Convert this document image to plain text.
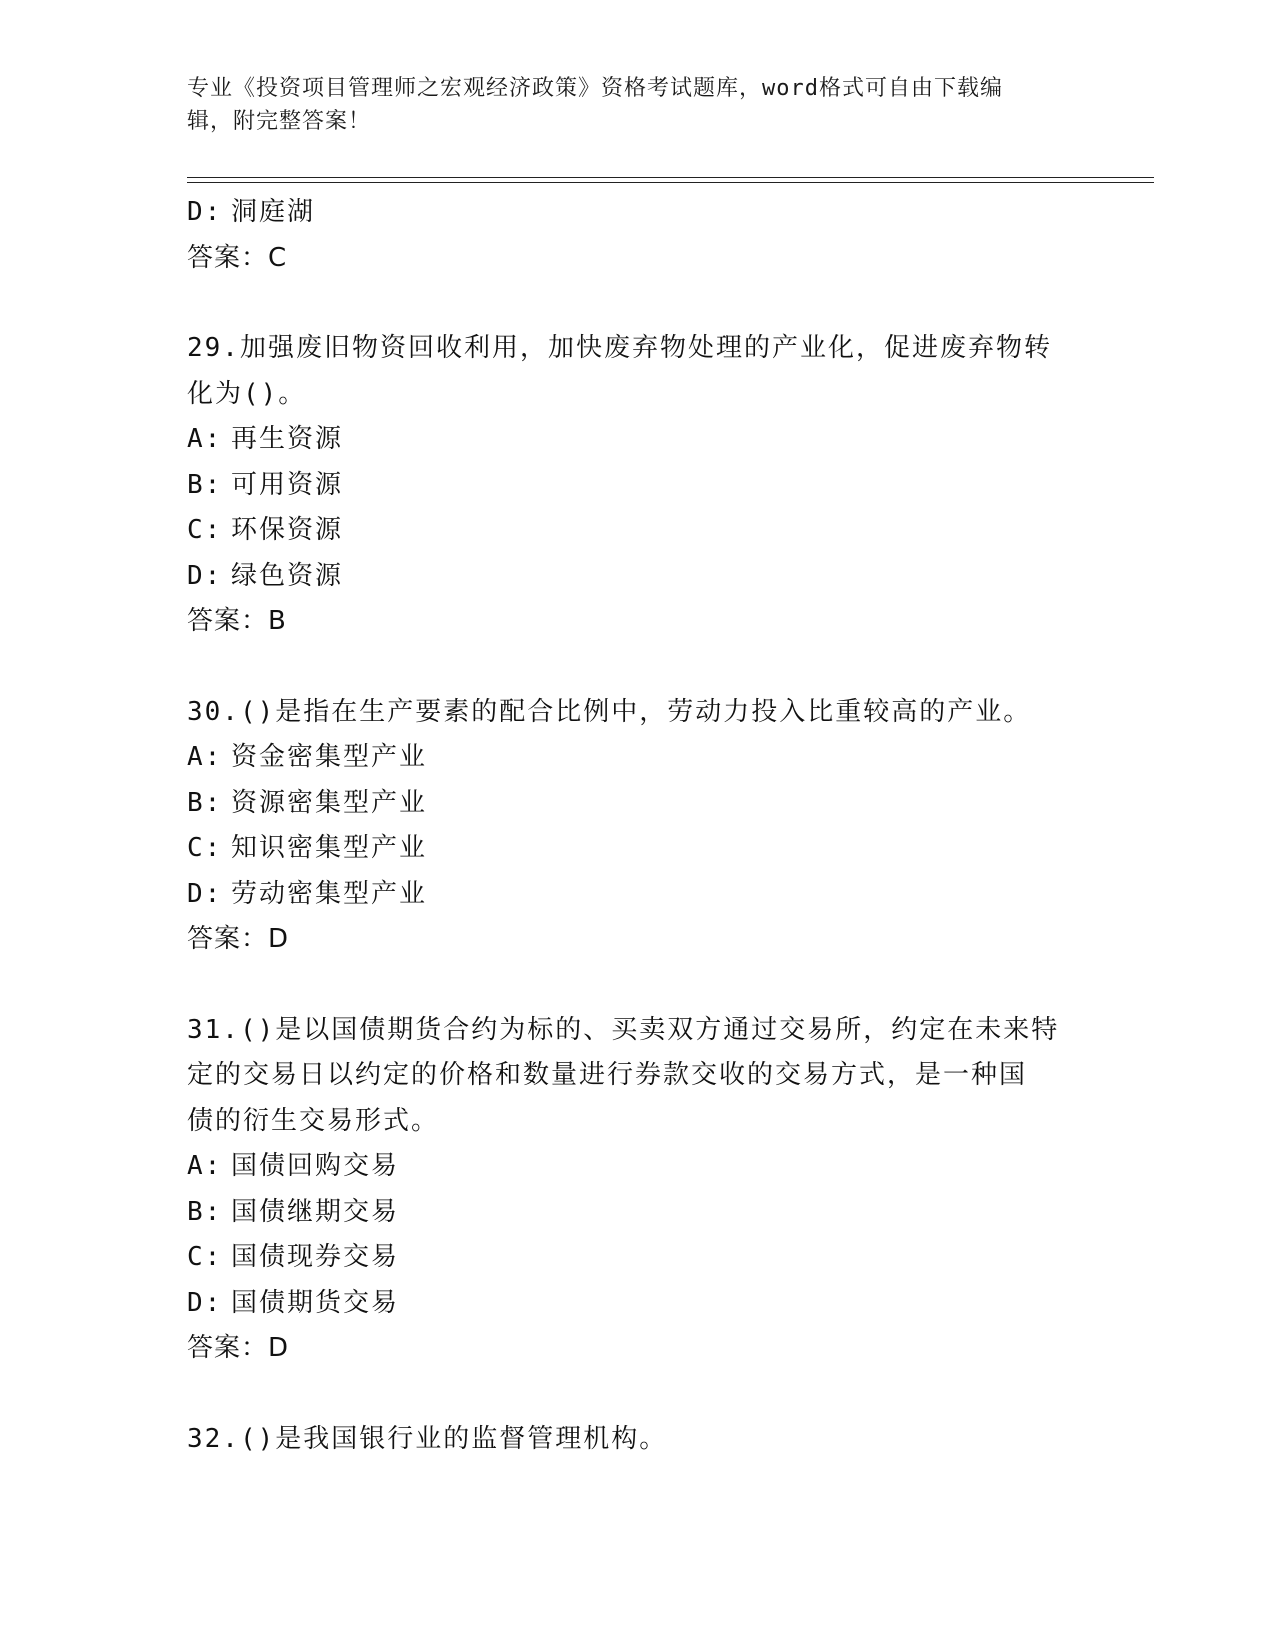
专业《投资项目管理师之宏观经济政策》资格考试题库，word格式可自由下载编
辑，附完整答案！
D: 洞庭湖
答案：C
29.加强废旧物资回收利用，加快废弃物处理的产业化，促进废弃物转
化为()。
A: 再生资源
B: 可用资源
C: 环保资源
D: 绿色资源
答案：B
30.()是指在生产要素的配合比例中，劳动力投入比重较高的产业。
A: 资金密集型产业
B: 资源密集型产业
C: 知识密集型产业
D: 劳动密集型产业
答案：D
31.()是以国债期货合约为标的、买卖双方通过交易所，约定在未来特
定的交易日以约定的价格和数量进行券款交收的交易方式，是一种国
债的衍生交易形式。
A: 国债回购交易
B: 国债继期交易
C: 国债现券交易
D: 国债期货交易
答案：D
32.()是我国银行业的监督管理机构。
